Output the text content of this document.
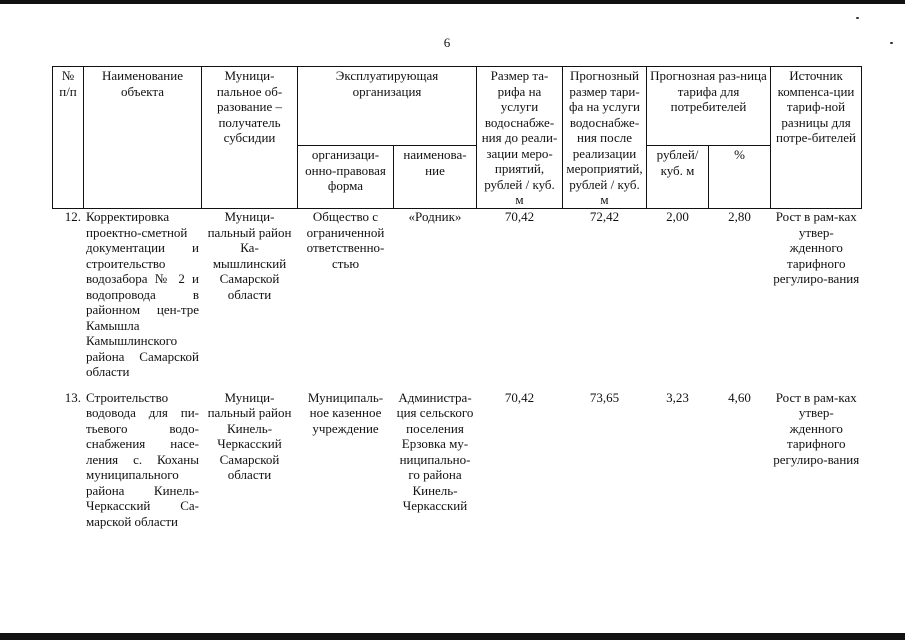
6
№ п/п	Наименование объекта	Муници-пальное об-разование – получатель субсидии	Эксплуатирующая организация		Размер та-рифа на услуги водоснабже-ния до реали-зации меро-приятий, рублей / куб. м	Прогнозный размер тари-фа на услуги водоснабже-ния после реализации мероприятий, рублей / куб. м	Прогнозная раз-ница тарифа для потребителей		Источник компенса-ции тариф-ной разницы для потре-бителей
			организаци-онно-правовая форма	наименова-ние			рублей/ куб. м	%	
12.	Корректировка проектно-сметной документации и строительство водозабора № 2 и водопровода в районном цен-тре Камышла Камышлинского района Самарской области	Муници-пальный район Ка-мышлинский Самарской области	Общество с ограниченной ответственно-стью	«Родник»	70,42	72,42	2,00	2,80	Рост в рам-ках утвер-жденного тарифного регулиро-вания
13.	Строительство водовода для пи-тьевого водо-снабжения насе-ления с. Коханы муниципального района Кинель-Черкасский Са-марской области	Муници-пальный район Кинель-Черкасский Самарской области	Муниципаль-ное казенное учреждение	Администра-ция сельского поселения Ерзовка му-ниципально-го района Кинель-Черкасский	70,42	73,65	3,23	4,60	Рост в рам-ках утвер-жденного тарифного регулиро-вания
